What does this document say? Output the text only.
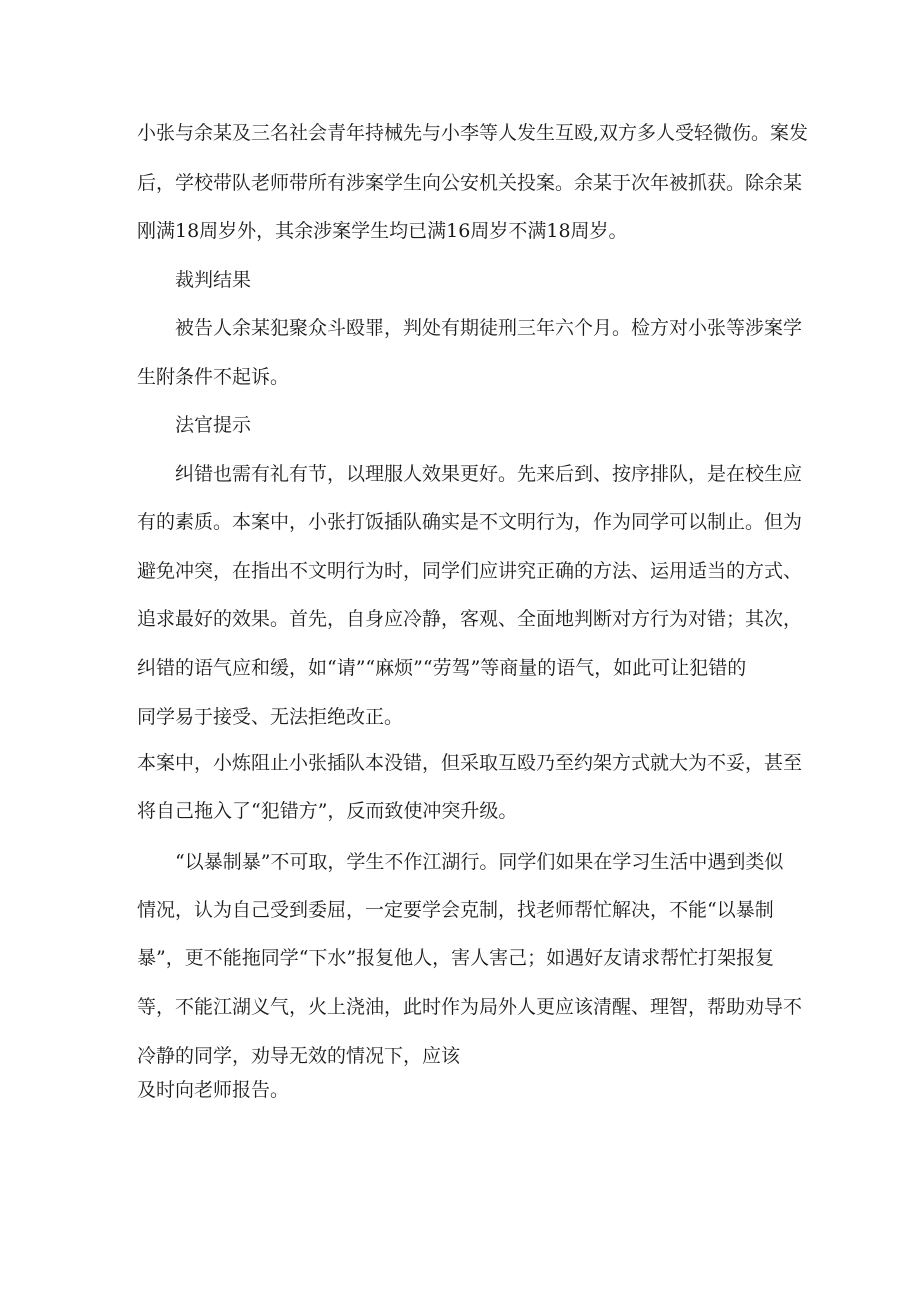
小张与余某及三名社会青年持械先与小李等人发生互殴,双方多人受轻微伤。案发

后，学校带队老师带所有涉案学生向公安机关投案。余某于次年被抓获。除余某

刚满18周岁外，其余涉案学生均已满16周岁不满18周岁。

裁判结果

被告人余某犯聚众斗殴罪，判处有期徒刑三年六个月。检方对小张等涉案学

生附条件不起诉。

法官提示

纠错也需有礼有节，以理服人效果更好。先来后到、按序排队，是在校生应

有的素质。本案中，小张打饭插队确实是不文明行为，作为同学可以制止。但为

避免冲突，在指出不文明行为时，同学们应讲究正确的方法、运用适当的方式、

追求最好的效果。首先，自身应冷静，客观、全面地判断对方行为对错；其次，

纠错的语气应和缓，如“请”“麻烦”“劳驾”等商量的语气，如此可让犯错的

同学易于接受、无法拒绝改正。

本案中，小炼阻止小张插队本没错，但采取互殴乃至约架方式就大为不妥，甚至

将自己拖入了“犯错方”，反而致使冲突升级。

“以暴制暴”不可取，学生不作江湖行。同学们如果在学习生活中遇到类似

情况，认为自己受到委屈，一定要学会克制，找老师帮忙解决，不能“以暴制

暴”，更不能拖同学“下水”报复他人，害人害己；如遇好友请求帮忙打架报复

等，不能江湖义气，火上浇油，此时作为局外人更应该清醒、理智，帮助劝导不

冷静的同学，劝导无效的情况下，应该

及时向老师报告。
